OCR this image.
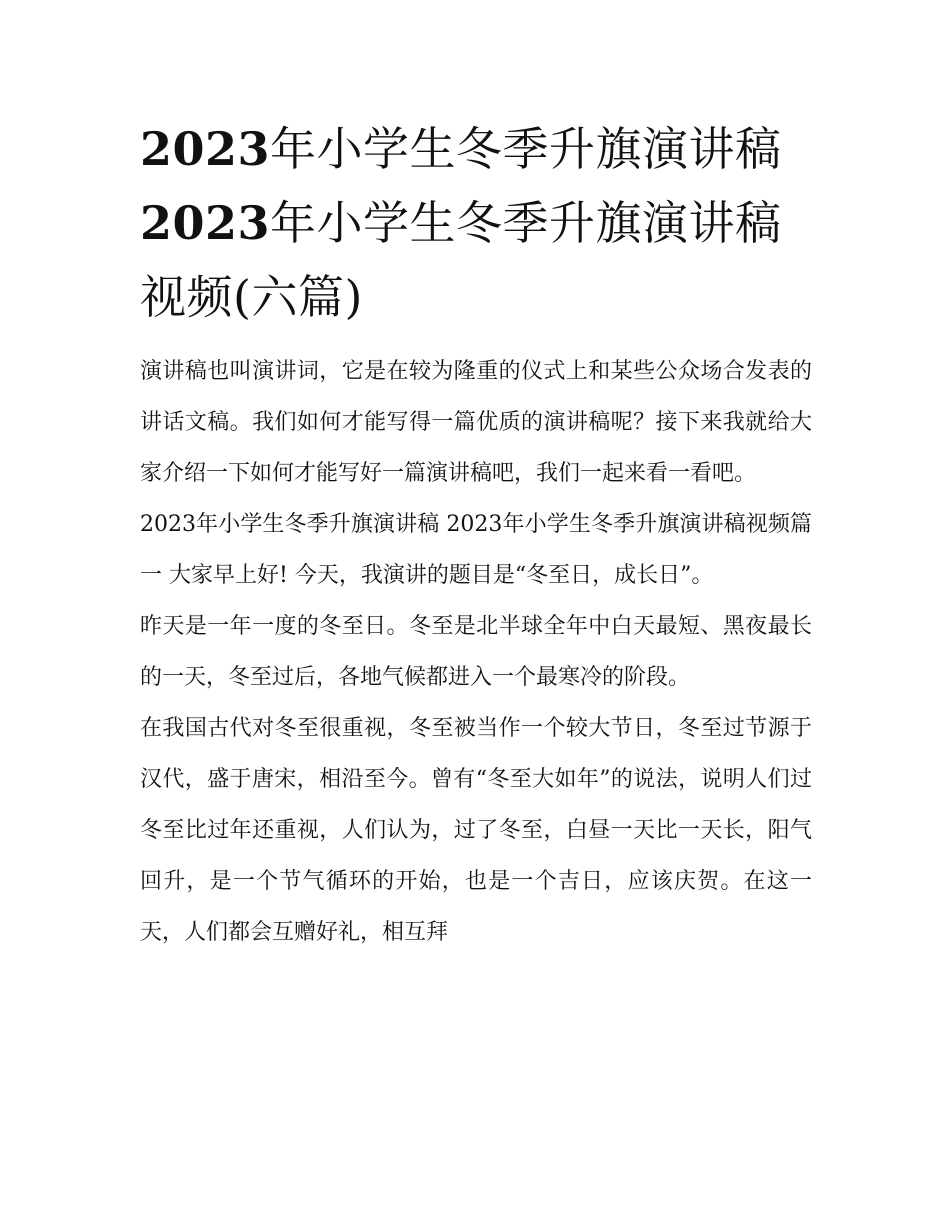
2023年小学生冬季升旗演讲稿 2023年小学生冬季升旗演讲稿视频(六篇)

演讲稿也叫演讲词，它是在较为隆重的仪式上和某些公众场合发表的讲话文稿。我们如何才能写得一篇优质的演讲稿呢？接下来我就给大家介绍一下如何才能写好一篇演讲稿吧，我们一起来看一看吧。

2023年小学生冬季升旗演讲稿 2023年小学生冬季升旗演讲稿视频篇一 大家早上好! 今天，我演讲的题目是“冬至日，成长日”。

昨天是一年一度的冬至日。冬至是北半球全年中白天最短、黑夜最长的一天，冬至过后，各地气候都进入一个最寒冷的阶段。

在我国古代对冬至很重视，冬至被当作一个较大节日，冬至过节源于汉代，盛于唐宋，相沿至今。曾有“冬至大如年”的说法，说明人们过冬至比过年还重视，人们认为，过了冬至，白昼一天比一天长，阳气回升，是一个节气循环的开始，也是一个吉日，应该庆贺。在这一天，人们都会互赠好礼，相互拜
